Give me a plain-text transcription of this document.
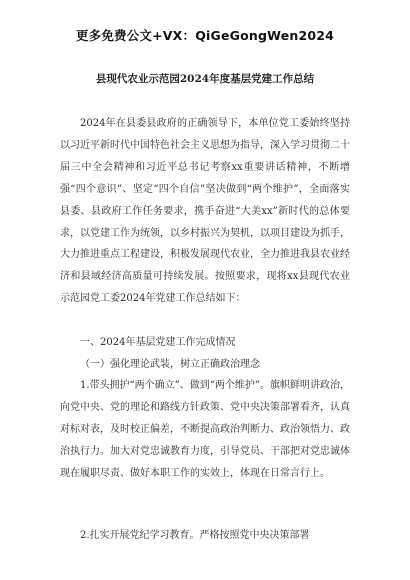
更多免费公文+VX：QiGeGongWen2024
县现代农业示范园2024年度基层党建工作总结

2024年在县委县政府的正确领导下，本单位党工委始终坚持以习近平新时代中国特色社会主义思想为指导，深入学习贯彻二十届三中全会精神和习近平总书记考察xx重要讲话精神，不断增强“四个意识”、坚定“四个自信”坚决做到“两个维护”，全面落实县委、县政府工作任务要求，携手奋进“大美xx”新时代的总体要求，以党建工作为统领，以乡村振兴为契机，以项目建设为抓手，大力推进重点工程建设，积极发展现代农业，全力推进我县农业经济和县域经济高质量可持续发展。按照要求，现将xx县现代农业示范园党工委2024年党建工作总结如下：

一、2024年基层党建工作完成情况
（一）强化理论武装，树立正确政治理念

1.带头拥护“两个确立”、做到“两个维护”。旗帜鲜明讲政治，向党中央、党的理论和路线方针政策、党中央决策部署看齐，认真对标对表，及时校正偏差，不断提高政治判断力、政治领悟力、政治执行力。加大对党忠诚教育力度，引导党员、干部把对党忠诚体现在履职尽责、做好本职工作的实效上，体现在日常言行上。

2.扎实开展党纪学习教育。严格按照党中央决策部署
